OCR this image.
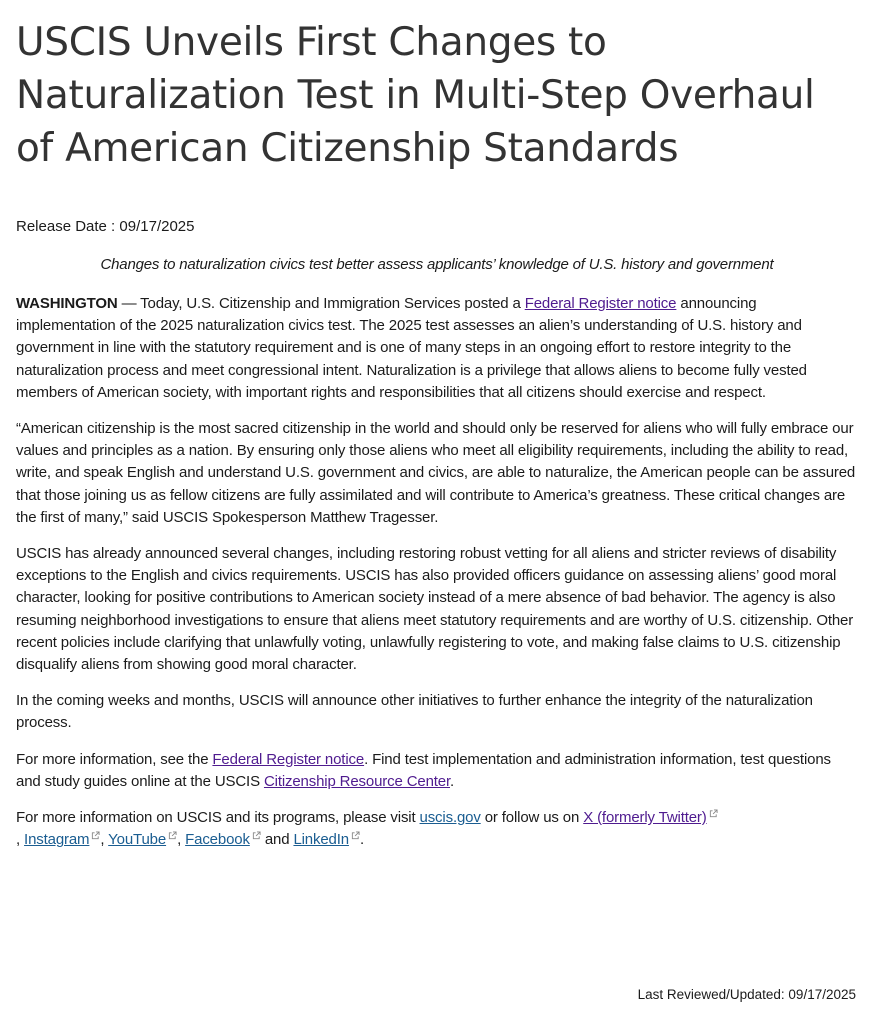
USCIS Unveils First Changes to Naturalization Test in Multi-Step Overhaul of American Citizenship Standards
Release Date : 09/17/2025
Changes to naturalization civics test better assess applicants’ knowledge of U.S. history and government

WASHINGTON — Today, U.S. Citizenship and Immigration Services posted a Federal Register notice announcing implementation of the 2025 naturalization civics test. The 2025 test assesses an alien’s understanding of U.S. history and government in line with the statutory requirement and is one of many steps in an ongoing effort to restore integrity to the naturalization process and meet congressional intent. Naturalization is a privilege that allows aliens to become fully vested members of American society, with important rights and responsibilities that all citizens should exercise and respect.

“American citizenship is the most sacred citizenship in the world and should only be reserved for aliens who will fully embrace our values and principles as a nation. By ensuring only those aliens who meet all eligibility requirements, including the ability to read, write, and speak English and understand U.S. government and civics, are able to naturalize, the American people can be assured that those joining us as fellow citizens are fully assimilated and will contribute to America’s greatness. These critical changes are the first of many,” said USCIS Spokesperson Matthew Tragesser.

USCIS has already announced several changes, including restoring robust vetting for all aliens and stricter reviews of disability exceptions to the English and civics requirements. USCIS has also provided officers guidance on assessing aliens’ good moral character, looking for positive contributions to American society instead of a mere absence of bad behavior. The agency is also resuming neighborhood investigations to ensure that aliens meet statutory requirements and are worthy of U.S. citizenship. Other recent policies include clarifying that unlawfully voting, unlawfully registering to vote, and making false claims to U.S. citizenship disqualify aliens from showing good moral character.

In the coming weeks and months, USCIS will announce other initiatives to further enhance the integrity of the naturalization process.

For more information, see the Federal Register notice. Find test implementation and administration information, test questions and study guides online at the USCIS Citizenship Resource Center.

For more information on USCIS and its programs, please visit uscis.gov or follow us on X (formerly Twitter)
, Instagram , YouTube , Facebook and LinkedIn .

Last Reviewed/Updated: 09/17/2025
